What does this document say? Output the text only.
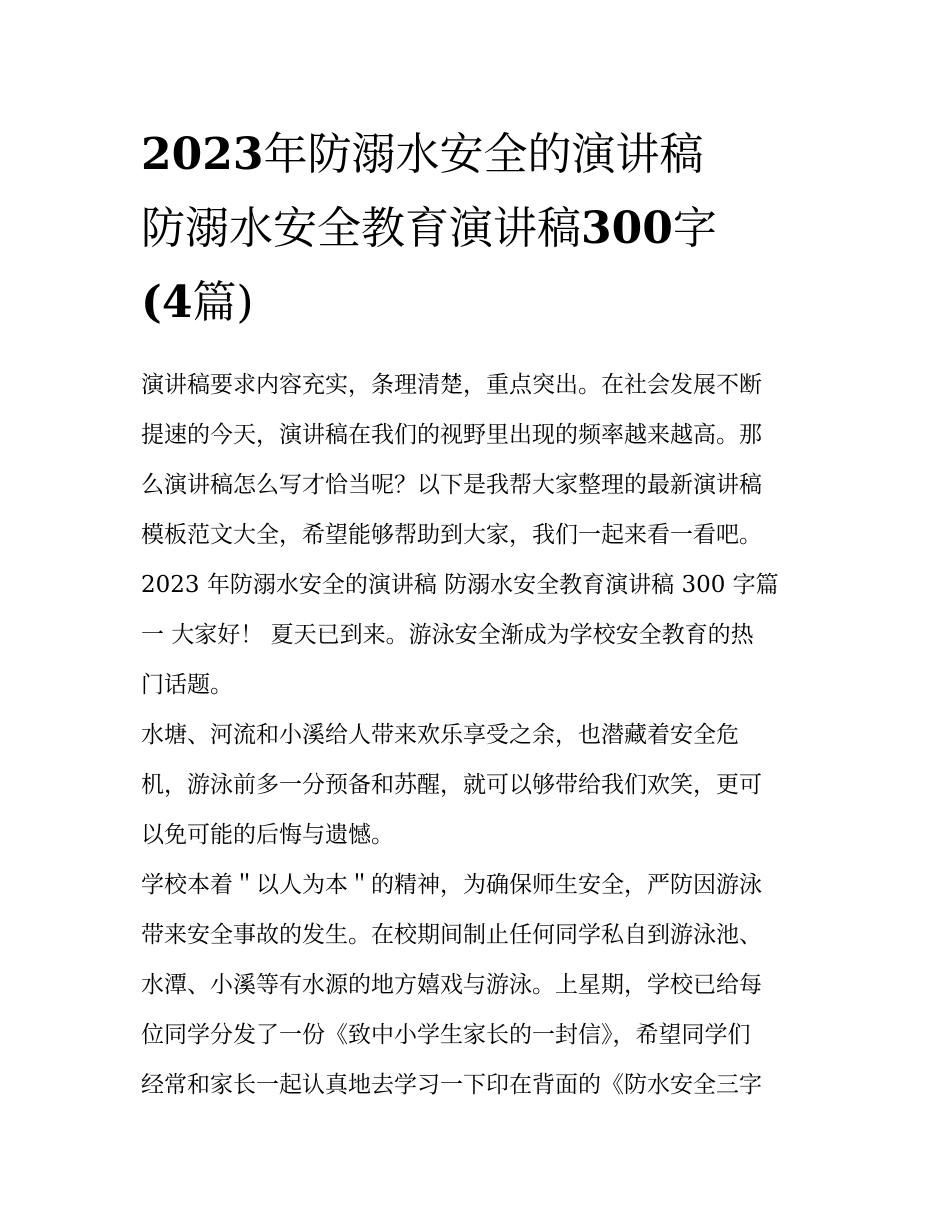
2023年防溺水安全的演讲稿
防溺水安全教育演讲稿300字
(4篇)

演讲稿要求内容充实，条理清楚，重点突出。在社会发展不断
提速的今天，演讲稿在我们的视野里出现的频率越来越高。那
么演讲稿怎么写才恰当呢？以下是我帮大家整理的最新演讲稿
模板范文大全，希望能够帮助到大家，我们一起来看一看吧。

2023 年防溺水安全的演讲稿 防溺水安全教育演讲稿 300 字篇
一 大家好！ 夏天已到来。游泳安全渐成为学校安全教育的热
门话题。

水塘、河流和小溪给人带来欢乐享受之余，也潜藏着安全危
机，游泳前多一分预备和苏醒，就可以够带给我们欢笑，更可
以免可能的后悔与遗憾。

学校本着＂以人为本＂的精神，为确保师生安全，严防因游泳
带来安全事故的发生。在校期间制止任何同学私自到游泳池、
水潭、小溪等有水源的地方嬉戏与游泳。上星期，学校已给每
位同学分发了一份《致中小学生家长的一封信》，希望同学们
经常和家长一起认真地去学习一下印在背面的《防水安全三字
